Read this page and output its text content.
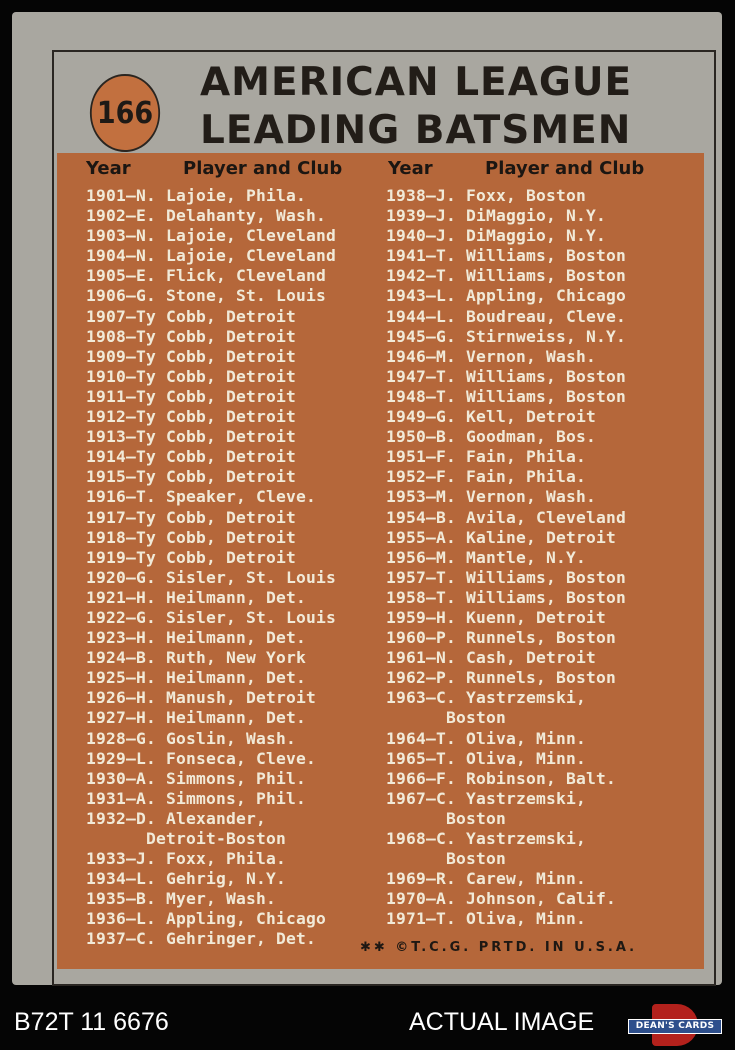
166
AMERICAN LEAGUE
LEADING BATSMEN
Year	Player and Club	Year	Player and Club
1901—N. Lajoie, Phila.
1902—E. Delahanty, Wash.
1903—N. Lajoie, Cleveland
1904—N. Lajoie, Cleveland
1905—E. Flick, Cleveland
1906—G. Stone, St. Louis
1907—Ty Cobb, Detroit
1908—Ty Cobb, Detroit
1909—Ty Cobb, Detroit
1910—Ty Cobb, Detroit
1911—Ty Cobb, Detroit
1912—Ty Cobb, Detroit
1913—Ty Cobb, Detroit
1914—Ty Cobb, Detroit
1915—Ty Cobb, Detroit
1916—T. Speaker, Cleve.
1917—Ty Cobb, Detroit
1918—Ty Cobb, Detroit
1919—Ty Cobb, Detroit
1920—G. Sisler, St. Louis
1921—H. Heilmann, Det.
1922—G. Sisler, St. Louis
1923—H. Heilmann, Det.
1924—B. Ruth, New York
1925—H. Heilmann, Det.
1926—H. Manush, Detroit
1927—H. Heilmann, Det.
1928—G. Goslin, Wash.
1929—L. Fonseca, Cleve.
1930—A. Simmons, Phil.
1931—A. Simmons, Phil.
1932—D. Alexander,
Detroit-Boston
1933—J. Foxx, Phila.
1934—L. Gehrig, N.Y.
1935—B. Myer, Wash.
1936—L. Appling, Chicago
1937—C. Gehringer, Det.
1938—J. Foxx, Boston
1939—J. DiMaggio, N.Y.
1940—J. DiMaggio, N.Y.
1941—T. Williams, Boston
1942—T. Williams, Boston
1943—L. Appling, Chicago
1944—L. Boudreau, Cleve.
1945—G. Stirnweiss, N.Y.
1946—M. Vernon, Wash.
1947—T. Williams, Boston
1948—T. Williams, Boston
1949—G. Kell, Detroit
1950—B. Goodman, Bos.
1951—F. Fain, Phila.
1952—F. Fain, Phila.
1953—M. Vernon, Wash.
1954—B. Avila, Cleveland
1955—A. Kaline, Detroit
1956—M. Mantle, N.Y.
1957—T. Williams, Boston
1958—T. Williams, Boston
1959—H. Kuenn, Detroit
1960—P. Runnels, Boston
1961—N. Cash, Detroit
1962—P. Runnels, Boston
1963—C. Yastrzemski,
Boston
1964—T. Oliva, Minn.
1965—T. Oliva, Minn.
1966—F. Robinson, Balt.
1967—C. Yastrzemski,
Boston
1968—C. Yastrzemski,
Boston
1969—R. Carew, Minn.
1970—A. Johnson, Calif.
1971—T. Oliva, Minn.
✱✱ ©T.C.G. PRTD. IN U.S.A.
B72T 11 6676	ACTUAL IMAGE	DEAN'S CARDS
